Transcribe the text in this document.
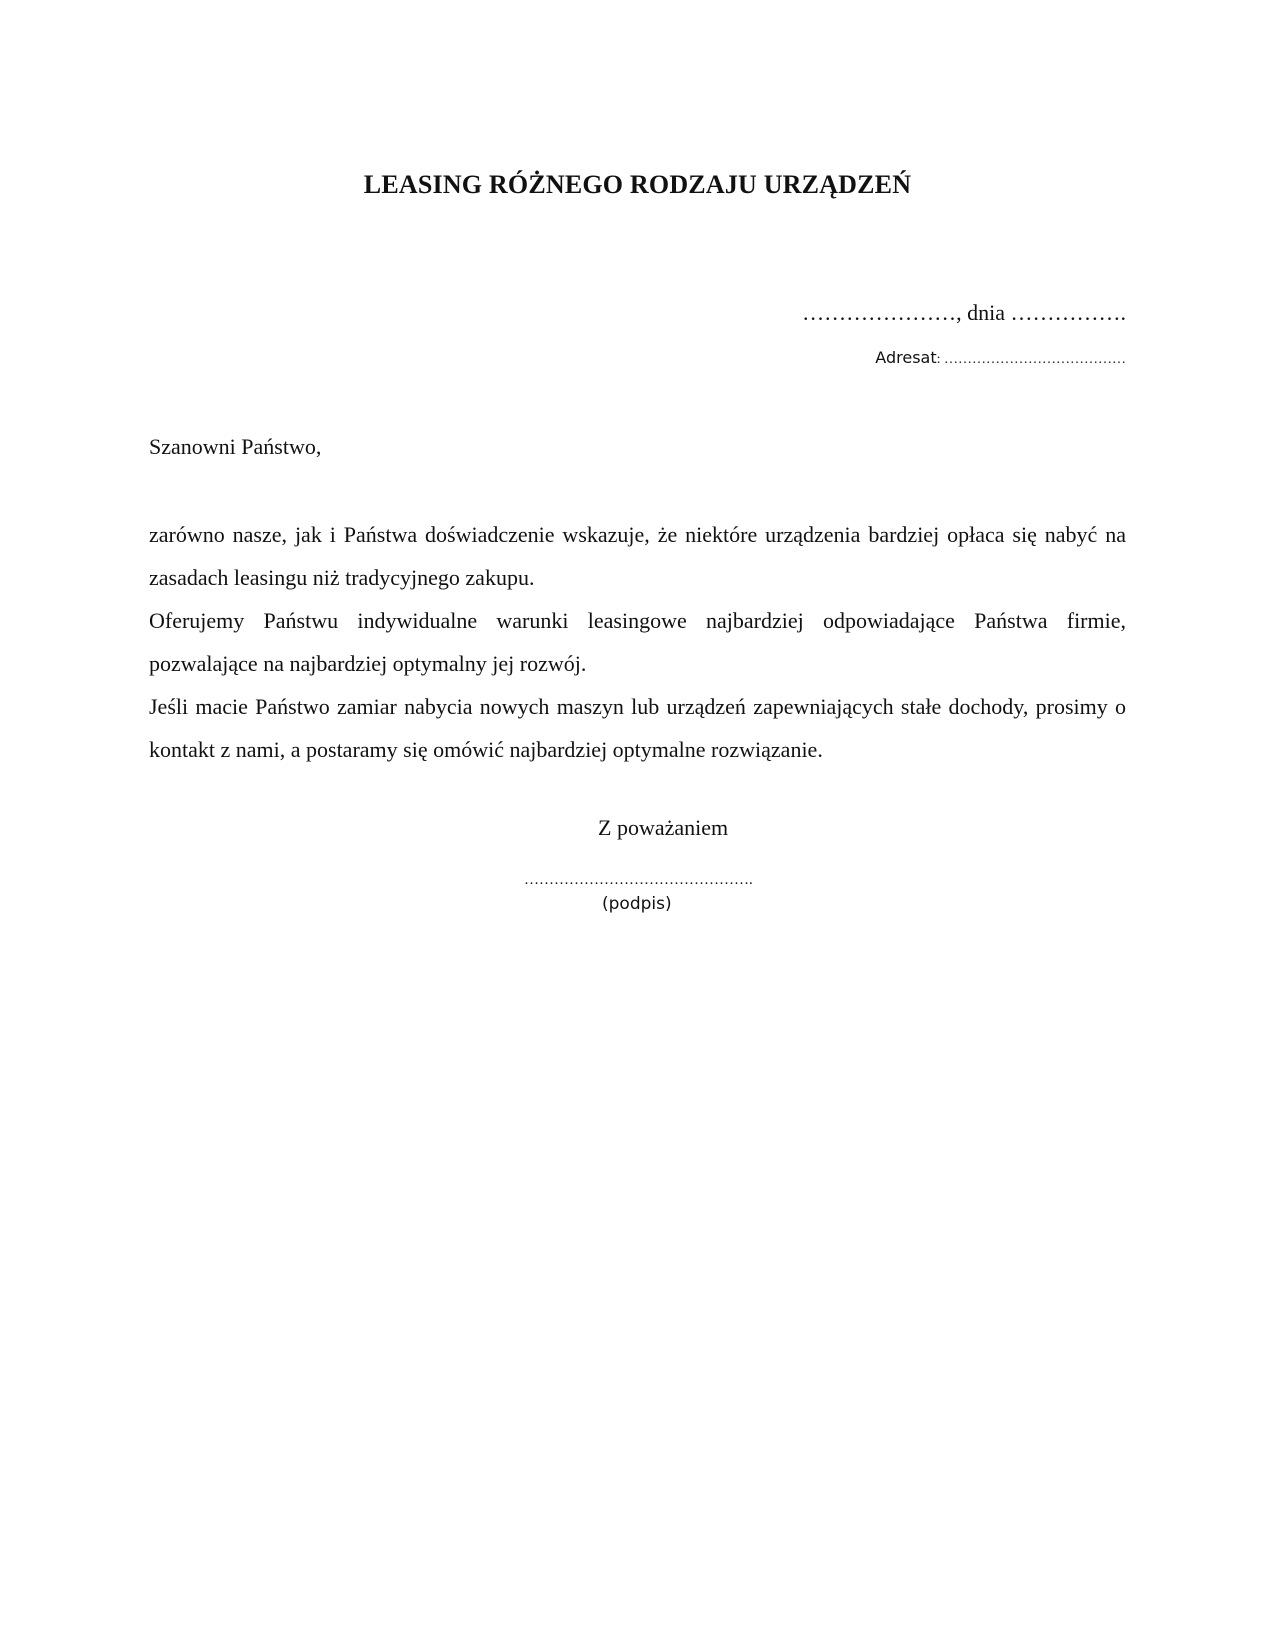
LEASING RÓŻNEGO RODZAJU URZĄDZEŃ
…………………, dnia …………….
Adresat: …………………………………
Szanowni Państwo,

zarówno nasze, jak i Państwa doświadczenie wskazuje, że niektóre urządzenia bardziej opłaca się nabyć na zasadach leasingu niż tradycyjnego zakupu.

Oferujemy Państwu indywidualne warunki leasingowe najbardziej odpowiadające Państwa firmie, pozwalające na najbardziej optymalny jej rozwój.

Jeśli macie Państwo zamiar nabycia nowych maszyn lub urządzeń zapewniających stałe dochody, prosimy o kontakt z nami, a postaramy się omówić najbardziej optymalne rozwiązanie.

Z poważaniem
……………………………………….
(podpis)
